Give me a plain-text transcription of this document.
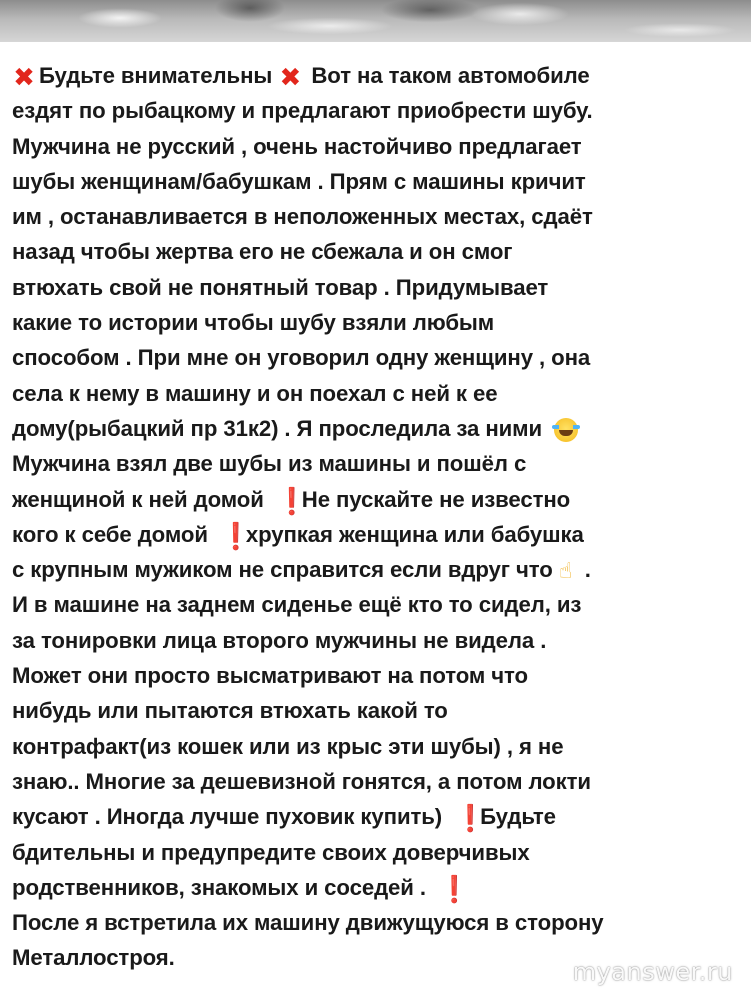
✖ Будьте внимательны ✖ Вот на таком автомобиле
ездят по рыбацкому и предлагают приобрести шубу.
Мужчина не русский , очень настойчиво предлагает
шубы женщинам/бабушкам . Прям с машины кричит
им , останавливается в неположенных местах, сдаёт
назад чтобы жертва его не сбежала и он смог
втюхать свой не понятный товар . Придумывает
какие то истории чтобы шубу взяли любым
способом . При мне он уговорил одну женщину , она
села к нему в машину и он поехал с ней к ее
дому(рыбацкий пр 31к2) . Я проследила за ними
Мужчина взял две шубы из машины и пошёл с
женщиной к ней домой ❗Не пускайте не известно
кого к себе домой ❗хрупкая женщина или бабушка
с крупным мужиком не справится если вдруг что ☝ .
И в машине на заднем сиденье ещё кто то сидел, из
за тонировки лица второго мужчины не видела .
Может они просто высматривают на потом что
нибудь или пытаются втюхать какой то
контрафакт(из кошек или из крыс эти шубы) , я не
знаю.. Многие за дешевизной гонятся, а потом локти
кусают . Иногда лучше пуховик купить) ❗Будьте
бдительны и предупредите своих доверчивых
родственников, знакомых и соседей . ❗
После я встретила их машину движущуюся в сторону
Металлостроя.
myanswer.ru
